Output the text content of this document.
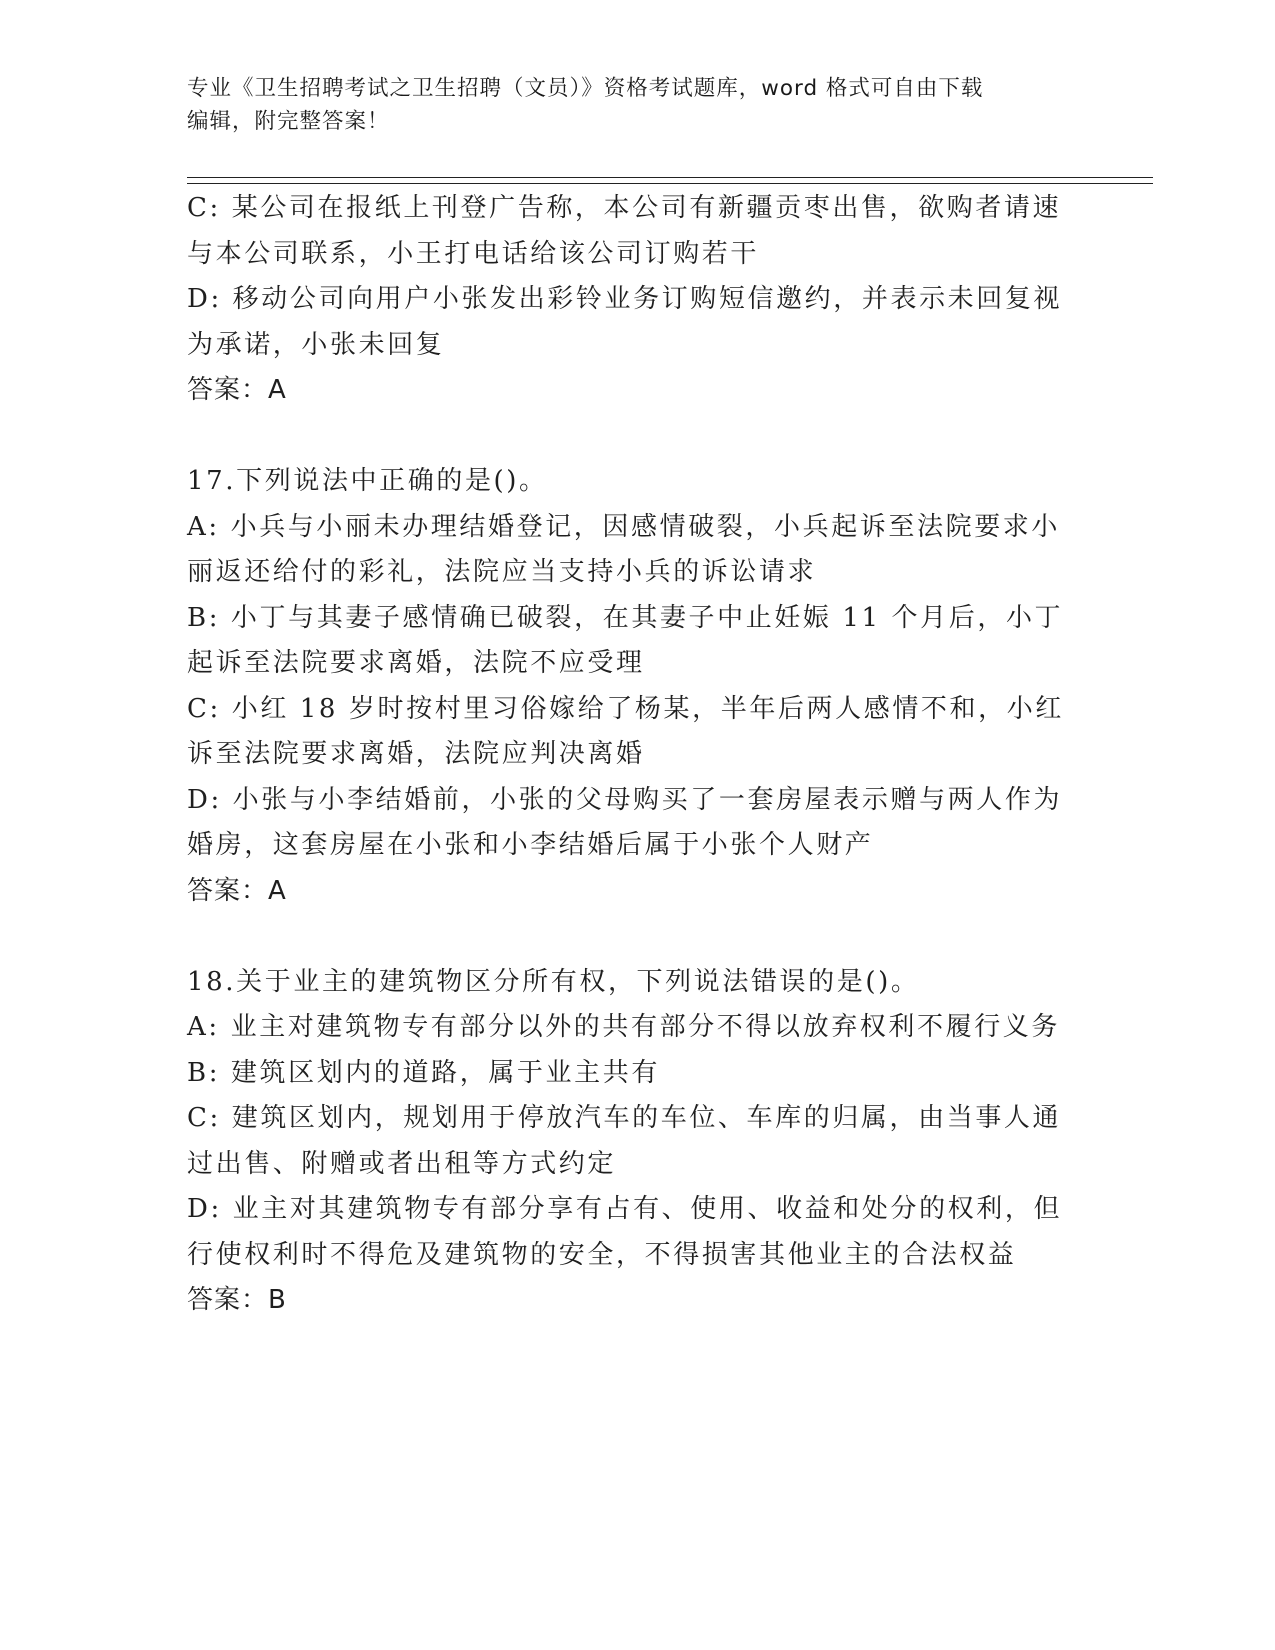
专业《卫生招聘考试之卫生招聘（文员）》资格考试题库，word 格式可自由下载
编辑，附完整答案！
C: 某公司在报纸上刊登广告称，本公司有新疆贡枣出售，欲购者请速
与本公司联系，小王打电话给该公司订购若干
D: 移动公司向用户小张发出彩铃业务订购短信邀约，并表示未回复视
为承诺，小张未回复
答案：A
17.下列说法中正确的是()。
A: 小兵与小丽未办理结婚登记，因感情破裂，小兵起诉至法院要求小
丽返还给付的彩礼，法院应当支持小兵的诉讼请求
B: 小丁与其妻子感情确已破裂，在其妻子中止妊娠 11 个月后，小丁
起诉至法院要求离婚，法院不应受理
C: 小红 18 岁时按村里习俗嫁给了杨某，半年后两人感情不和，小红
诉至法院要求离婚，法院应判决离婚
D: 小张与小李结婚前，小张的父母购买了一套房屋表示赠与两人作为
婚房，这套房屋在小张和小李结婚后属于小张个人财产
答案：A
18.关于业主的建筑物区分所有权，下列说法错误的是()。
A: 业主对建筑物专有部分以外的共有部分不得以放弃权利不履行义务
B: 建筑区划内的道路，属于业主共有
C: 建筑区划内，规划用于停放汽车的车位、车库的归属，由当事人通
过出售、附赠或者出租等方式约定
D: 业主对其建筑物专有部分享有占有、使用、收益和处分的权利，但
行使权利时不得危及建筑物的安全，不得损害其他业主的合法权益
答案：B
